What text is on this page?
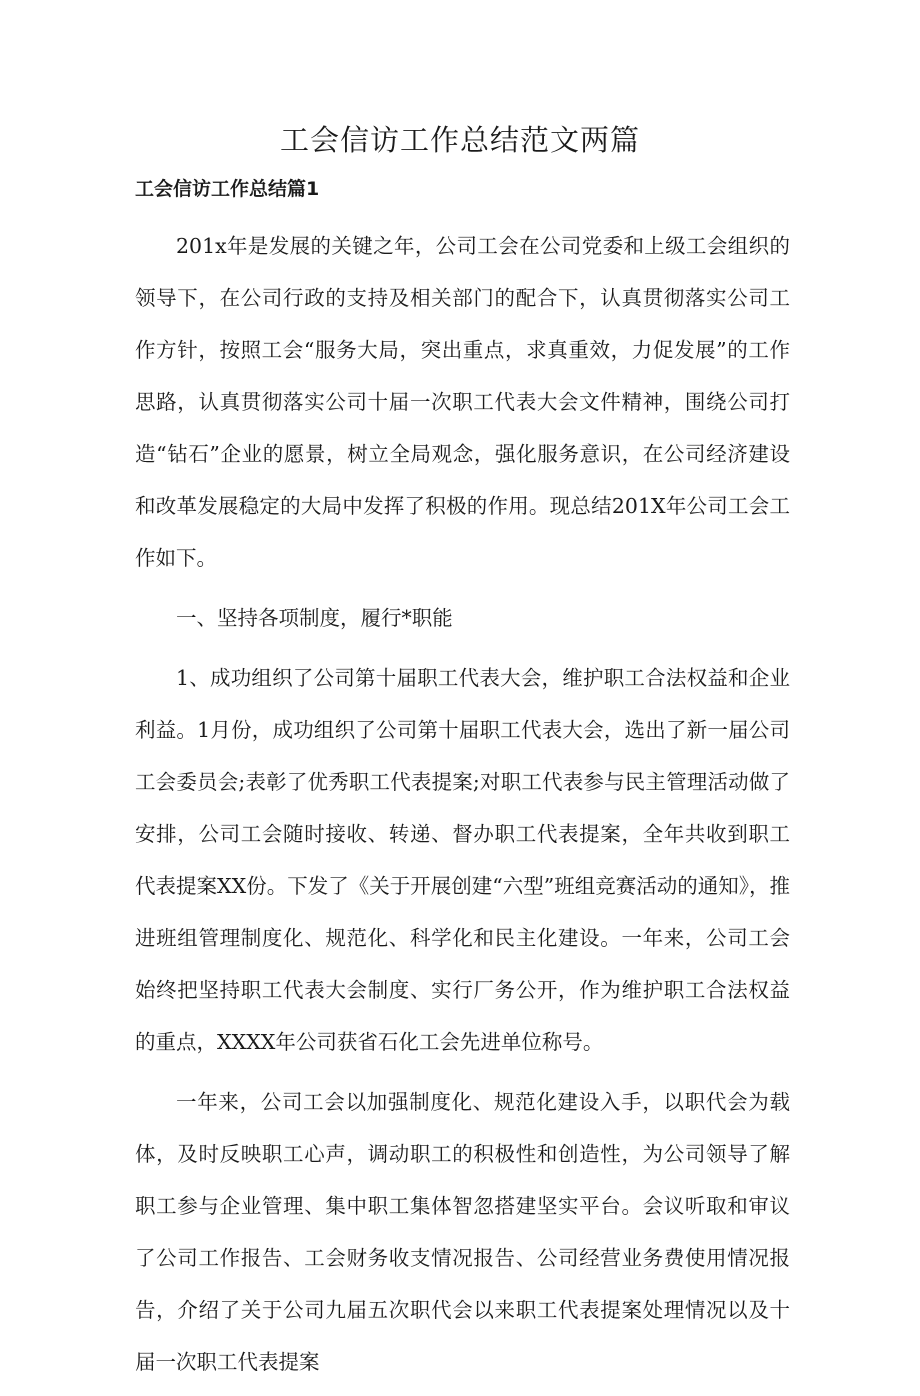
工会信访工作总结范文两篇
工会信访工作总结篇1

201x年是发展的关键之年，公司工会在公司党委和上级工会组织的领导下，在公司行政的支持及相关部门的配合下，认真贯彻落实公司工作方针，按照工会“服务大局，突出重点，求真重效，力促发展”的工作思路，认真贯彻落实公司十届一次职工代表大会文件精神，围绕公司打造“钻石”企业的愿景，树立全局观念，强化服务意识，在公司经济建设和改革发展稳定的大局中发挥了积极的作用。现总结201X年公司工会工作如下。

一、坚持各项制度，履行*职能

1、成功组织了公司第十届职工代表大会，维护职工合法权益和企业利益。1月份，成功组织了公司第十届职工代表大会，选出了新一届公司工会委员会;表彰了优秀职工代表提案;对职工代表参与民主管理活动做了安排，公司工会随时接收、转递、督办职工代表提案，全年共收到职工代表提案XX份。下发了《关于开展创建“六型”班组竞赛活动的通知》，推进班组管理制度化、规范化、科学化和民主化建设。一年来，公司工会始终把坚持职工代表大会制度、实行厂务公开，作为维护职工合法权益的重点，XXXX年公司获省石化工会先进单位称号。

一年来，公司工会以加强制度化、规范化建设入手，以职代会为载体，及时反映职工心声，调动职工的积极性和创造性，为公司领导了解职工参与企业管理、集中职工集体智忽搭建坚实平台。会议听取和审议了公司工作报告、工会财务收支情况报告、公司经营业务费使用情况报告，介绍了关于公司九届五次职代会以来职工代表提案处理情况以及十届一次职工代表提案
